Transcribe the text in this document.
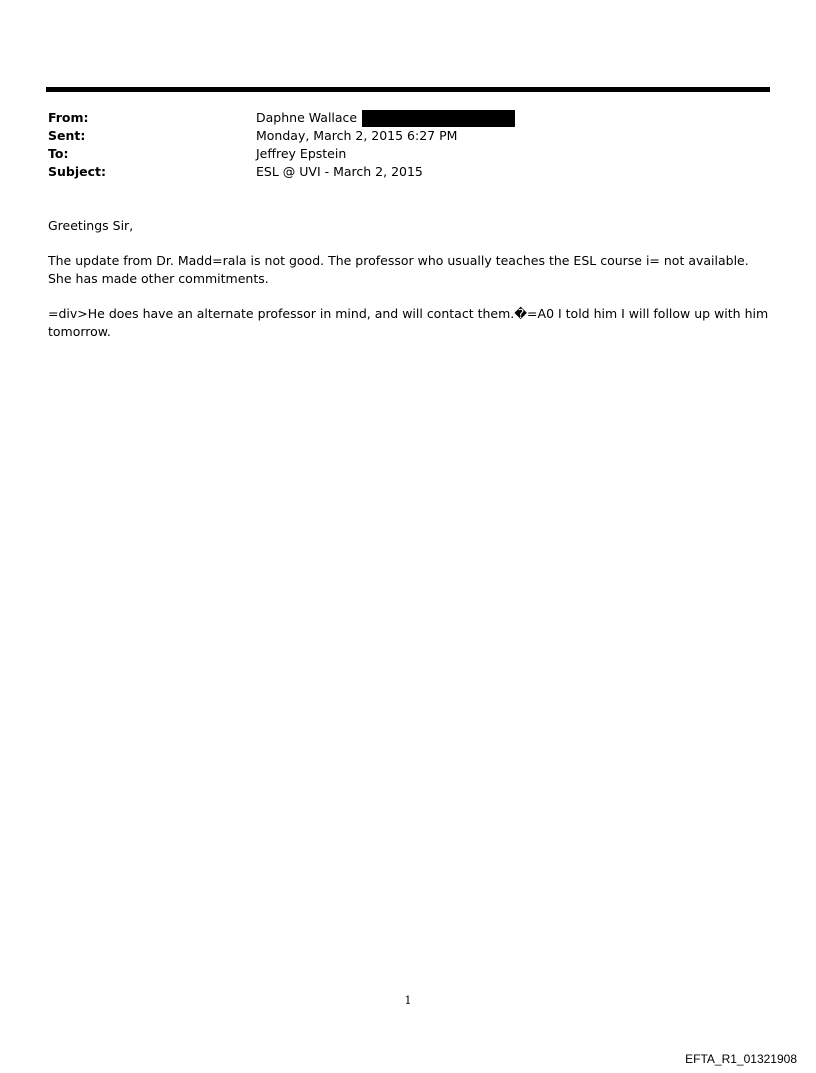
From:	Daphne Wallace
Sent:	Monday, March 2, 2015 6:27 PM
To:	Jeffrey Epstein
Subject:	ESL @ UVI - March 2, 2015

Greetings Sir,

The update from Dr. Madd=rala is not good. The professor who usually teaches the ESL course i= not available. She has made other commitments.

=div>He does have an alternate professor in mind, and will contact them.�=A0 I told him I will follow up with him tomorrow.

1
EFTA_R1_01321908
